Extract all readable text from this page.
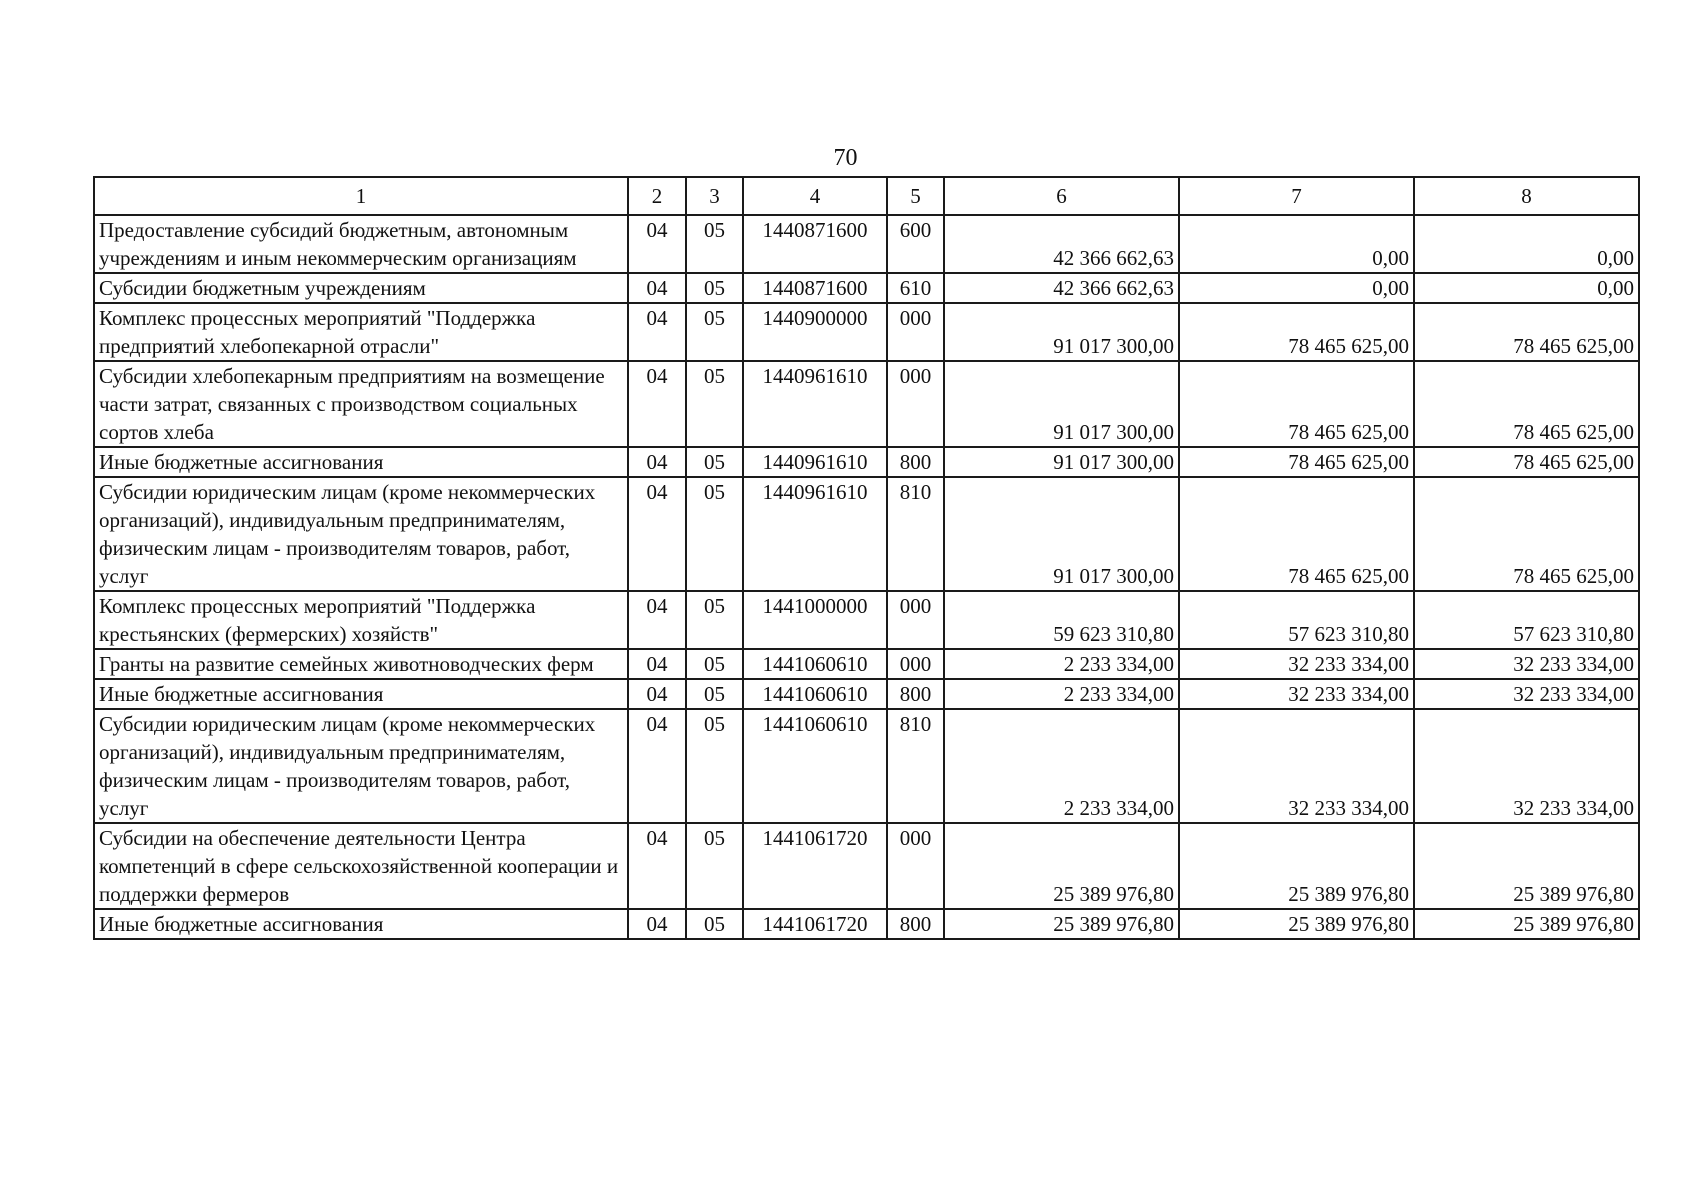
70
1	2	3	4	5	6	7	8
Предоставление субсидий бюджетным, автономным учреждениям и иным некоммерческим организациям	04	05	1440871600	600	42 366 662,63	0,00	0,00
Субсидии бюджетным учреждениям	04	05	1440871600	610	42 366 662,63	0,00	0,00
Комплекс процессных мероприятий "Поддержка предприятий хлебопекарной отрасли"	04	05	1440900000	000	91 017 300,00	78 465 625,00	78 465 625,00
Субсидии хлебопекарным предприятиям на возмещение части затрат, связанных с производством социальных сортов хлеба	04	05	1440961610	000	91 017 300,00	78 465 625,00	78 465 625,00
Иные бюджетные ассигнования	04	05	1440961610	800	91 017 300,00	78 465 625,00	78 465 625,00
Субсидии юридическим лицам (кроме некоммерческих организаций), индивидуальным предпринимателям, физическим лицам - производителям товаров, работ, услуг	04	05	1440961610	810	91 017 300,00	78 465 625,00	78 465 625,00
Комплекс процессных мероприятий "Поддержка крестьянских (фермерских) хозяйств"	04	05	1441000000	000	59 623 310,80	57 623 310,80	57 623 310,80
Гранты на развитие семейных животноводческих ферм	04	05	1441060610	000	2 233 334,00	32 233 334,00	32 233 334,00
Иные бюджетные ассигнования	04	05	1441060610	800	2 233 334,00	32 233 334,00	32 233 334,00
Субсидии юридическим лицам (кроме некоммерческих организаций), индивидуальным предпринимателям, физическим лицам - производителям товаров, работ, услуг	04	05	1441060610	810	2 233 334,00	32 233 334,00	32 233 334,00
Субсидии на обеспечение деятельности Центра компетенций в сфере сельскохозяйственной кооперации и поддержки фермеров	04	05	1441061720	000	25 389 976,80	25 389 976,80	25 389 976,80
Иные бюджетные ассигнования	04	05	1441061720	800	25 389 976,80	25 389 976,80	25 389 976,80
